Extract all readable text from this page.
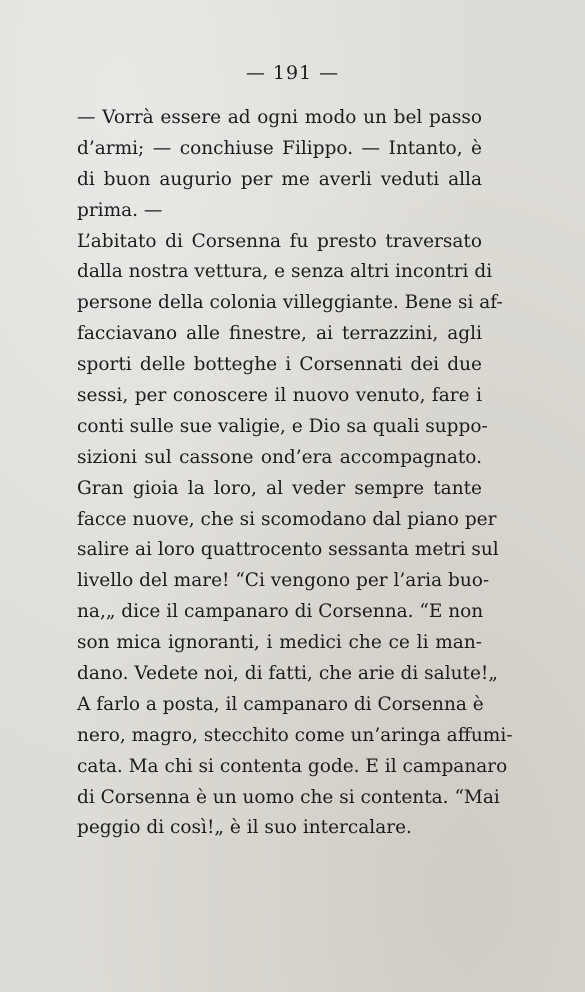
— 191 —
— Vorrà essere ad ogni modo un bel passo
d’armi; — conchiuse Filippo. — Intanto, è
di buon augurio per me averli veduti alla
prima. —
L’abitato di Corsenna fu presto traversato
dalla nostra vettura, e senza altri incontri di
persone della colonia villeggiante. Bene si af-
facciavano alle finestre, ai terrazzini, agli
sporti delle botteghe i Corsennati dei due
sessi, per conoscere il nuovo venuto, fare i
conti sulle sue valigie, e Dio sa quali suppo-
sizioni sul cassone ond’era accompagnato.
Gran gioia la loro, al veder sempre tante
facce nuove, che si scomodano dal piano per
salire ai loro quattrocento sessanta metri sul
livello del mare! “Ci vengono per l’aria buo-
na,„ dice il campanaro di Corsenna. “E non
son mica ignoranti, i medici che ce li man-
dano. Vedete noi, di fatti, che arie di salute!„
A farlo a posta, il campanaro di Corsenna è
nero, magro, stecchito come un’aringa affumi-
cata. Ma chi si contenta gode. E il campanaro
di Corsenna è un uomo che si contenta. “Mai
peggio di così!„ è il suo intercalare.
